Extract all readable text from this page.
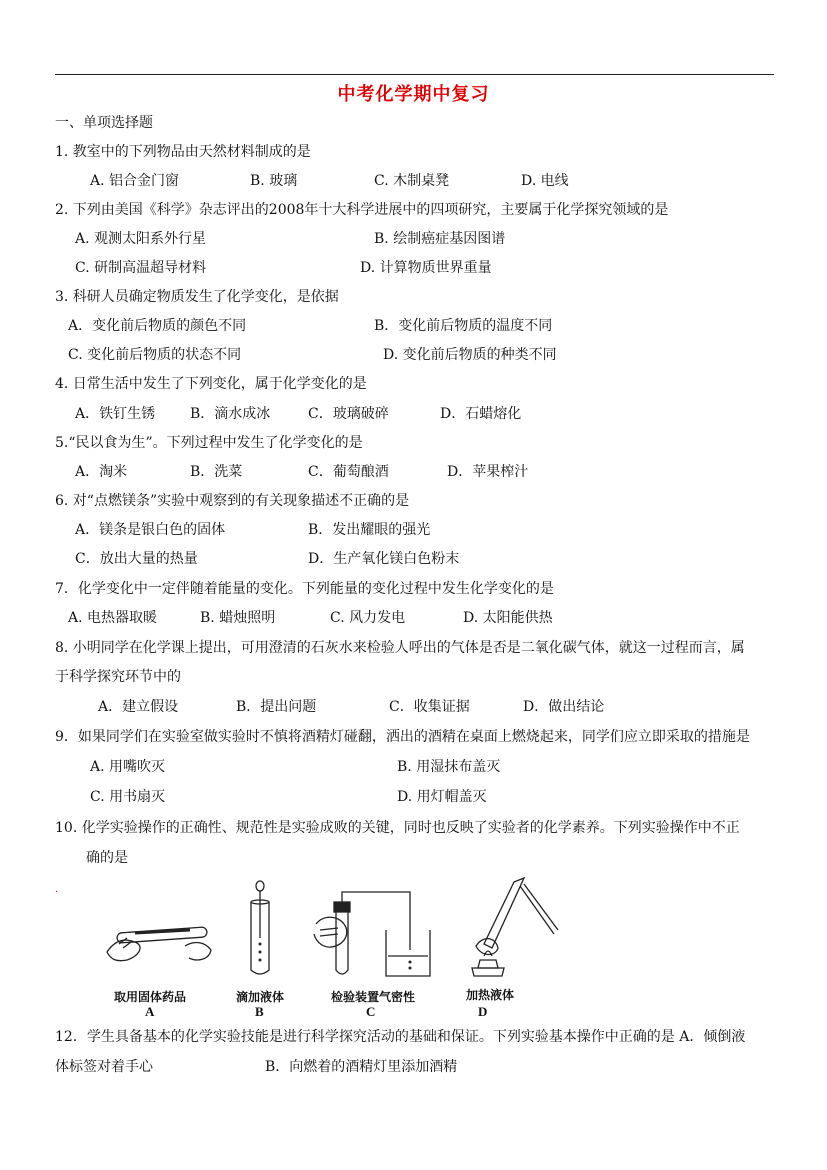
中考化学期中复习
一、单项选择题
1. 教室中的下列物品由天然材料制成的是
A. 铝合金门窗	B. 玻璃	C. 木制桌凳	D. 电线
2. 下列由美国《科学》杂志评出的2008年十大科学进展中的四项研究，主要属于化学探究领域的是
A. 观测太阳系外行星	B. 绘制癌症基因图谱
C. 研制高温超导材料	D. 计算物质世界重量
3. 科研人员确定物质发生了化学变化，是依据
A．变化前后物质的颜色不同	B．变化前后物质的温度不同
C. 变化前后物质的状态不同	D. 变化前后物质的种类不同
4. 日常生活中发生了下列变化，属于化学变化的是
A．铁钉生锈 B．滴水成冰	C．玻璃破碎	D．石蜡熔化
5.“民以食为生”。下列过程中发生了化学变化的是
A．淘米	B．洗菜	C．葡萄酿酒	D．苹果榨汁
6. 对“点燃镁条”实验中观察到的有关现象描述不正确的是
A．镁条是银白色的固体	B．发出耀眼的强光
C．放出大量的热量	D．生产氧化镁白色粉末
7．化学变化中一定伴随着能量的变化。下列能量的变化过程中发生化学变化的是
A. 电热器取暖	B. 蜡烛照明	C. 风力发电	D. 太阳能供热
8. 小明同学在化学课上提出，可用澄清的石灰水来检验人呼出的气体是否是二氧化碳气体，就这一过程而言，属
于科学探究环节中的
A．建立假设	B．提出问题	C．收集证据	D．做出结论
9．如果同学们在实验室做实验时不慎将酒精灯碰翻，洒出的酒精在桌面上燃烧起来，同学们应立即采取的措施是
A. 用嘴吹灭	B. 用湿抹布盖灭
C. 用书扇灭	D. 用灯帽盖灭
10. 化学实验操作的正确性、规范性是实验成败的关键，同时也反映了实验者的化学素养。下列实验操作中不正
确的是
.
取用固体药品
A
滴加液体
B
检验装置气密性
C
加热液体
D
12．学生具备基本的化学实验技能是进行科学探究活动的基础和保证。下列实验基本操作中正确的是 A．倾倒液
体标签对着手心	B．向燃着的酒精灯里添加酒精
